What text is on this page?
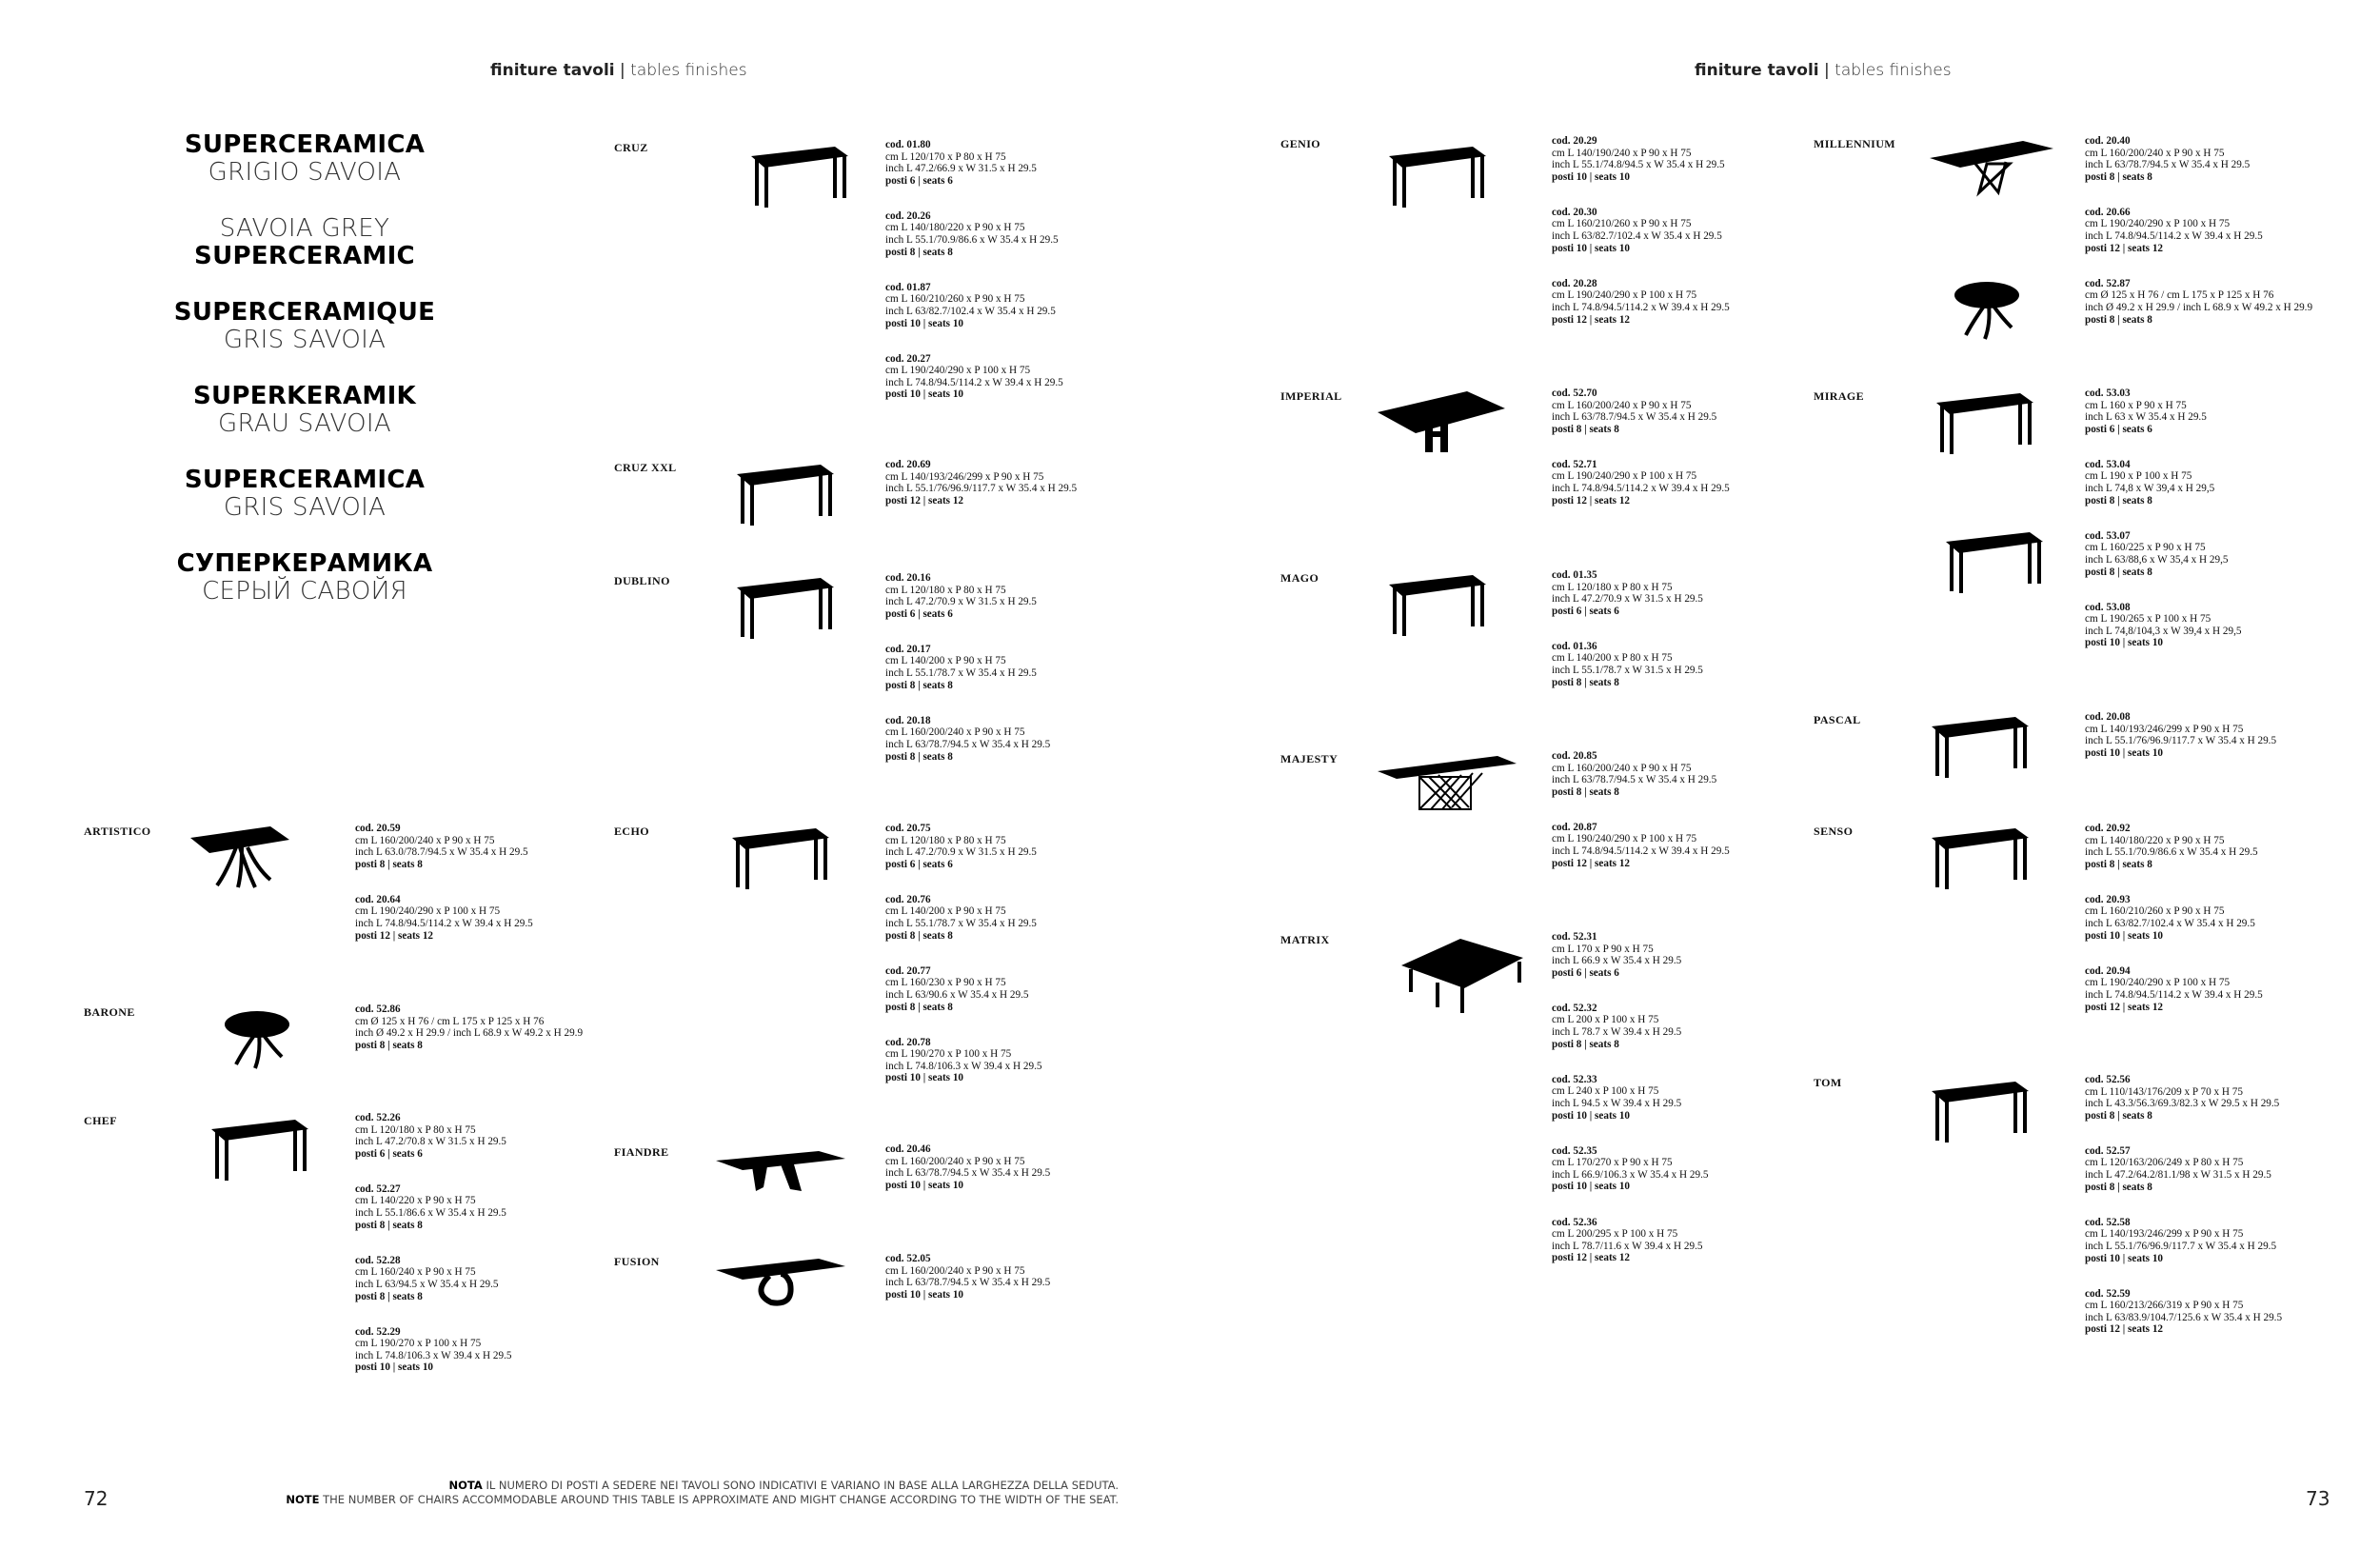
finiture tavoli | tables finishes	finiture tavoli | tables finishes
SUPERCERAMICA
GRIGIO SAVOIA
SAVOIA GREY
SUPERCERAMIC
SUPERCERAMIQUE
GRIS SAVOIA
SUPERKERAMIK
GRAU SAVOIA
SUPERCERAMICA
GRIS SAVOIA
СУПЕРКЕРАМИКА
СЕРЫЙ САВОЙЯ
CRUZ	cod. 01.80
cm L 120/170 x P 80 x H 75
inch L 47.2/66.9 x W 31.5 x H 29.5
posti 6 | seats 6
cod. 20.26
cm L 140/180/220 x P 90 x H 75
inch L 55.1/70.9/86.6 x W 35.4 x H 29.5
posti 8 | seats 8
cod. 01.87
cm L 160/210/260 x P 90 x H 75
inch L 63/82.7/102.4 x W 35.4 x H 29.5
posti 10 | seats 10
cod. 20.27
cm L 190/240/290 x P 100 x H 75
inch L 74.8/94.5/114.2 x W 39.4 x H 29.5
posti 10 | seats 10
CRUZ XXL	cod. 20.69
cm L 140/193/246/299 x P 90 x H 75
inch L 55.1/76/96.9/117.7 x W 35.4 x H 29.5
posti 12 | seats 12
DUBLINO	cod. 20.16
cm L 120/180 x P 80 x H 75
inch L 47.2/70.9 x W 31.5 x H 29.5
posti 6 | seats 6
cod. 20.17
cm L 140/200 x P 90 x H 75
inch L 55.1/78.7 x W 35.4 x H 29.5
posti 8 | seats 8
cod. 20.18
cm L 160/200/240 x P 90 x H 75
inch L 63/78.7/94.5 x W 35.4 x H 29.5
posti 8 | seats 8
ARTISTICO	cod. 20.59
cm L 160/200/240 x P 90 x H 75
inch L 63.0/78.7/94.5 x W 35.4 x H 29.5
posti 8 | seats 8
cod. 20.64
cm L 190/240/290 x P 100 x H 75
inch L 74.8/94.5/114.2 x W 39.4 x H 29.5
posti 12 | seats 12
BARONE	cod. 52.86
cm Ø 125 x H 76 / cm L 175 x P 125 x H 76
inch Ø 49.2 x H 29.9 / inch L 68.9 x W 49.2 x H 29.9
posti 8 | seats 8
CHEF	cod. 52.26
cm L 120/180 x P 80 x H 75
inch L 47.2/70.8 x W 31.5 x H 29.5
posti 6 | seats 6
cod. 52.27
cm L 140/220 x P 90 x H 75
inch L 55.1/86.6 x W 35.4 x H 29.5
posti 8 | seats 8
cod. 52.28
cm L 160/240 x P 90 x H 75
inch L 63/94.5 x W 35.4 x H 29.5
posti 8 | seats 8
cod. 52.29
cm L 190/270 x P 100 x H 75
inch L 74.8/106.3 x W 39.4 x H 29.5
posti 10 | seats 10
ECHO	cod. 20.75
cm L 120/180 x P 80 x H 75
inch L 47.2/70.9 x W 31.5 x H 29.5
posti 6 | seats 6
cod. 20.76
cm L 140/200 x P 90 x H 75
inch L 55.1/78.7 x W 35.4 x H 29.5
posti 8 | seats 8
cod. 20.77
cm L 160/230 x P 90 x H 75
inch L 63/90.6 x W 35.4 x H 29.5
posti 8 | seats 8
cod. 20.78
cm L 190/270 x P 100 x H 75
inch L 74.8/106.3 x W 39.4 x H 29.5
posti 10 | seats 10
FIANDRE	cod. 20.46
cm L 160/200/240 x P 90 x H 75
inch L 63/78.7/94.5 x W 35.4 x H 29.5
posti 10 | seats 10
FUSION	cod. 52.05
cm L 160/200/240 x P 90 x H 75
inch L 63/78.7/94.5 x W 35.4 x H 29.5
posti 10 | seats 10
GENIO	cod. 20.29
cm L 140/190/240 x P 90 x H 75
inch L 55.1/74.8/94.5 x W 35.4 x H 29.5
posti 10 | seats 10
cod. 20.30
cm L 160/210/260 x P 90 x H 75
inch L 63/82.7/102.4 x W 35.4 x H 29.5
posti 10 | seats 10
cod. 20.28
cm L 190/240/290 x P 100 x H 75
inch L 74.8/94.5/114.2 x W 39.4 x H 29.5
posti 12 | seats 12
IMPERIAL	cod. 52.70
cm L 160/200/240 x P 90 x H 75
inch L 63/78.7/94.5 x W 35.4 x H 29.5
posti 8 | seats 8
cod. 52.71
cm L 190/240/290 x P 100 x H 75
inch L 74.8/94.5/114.2 x W 39.4 x H 29.5
posti 12 | seats 12
MAGO	cod. 01.35
cm L 120/180 x P 80 x H 75
inch L 47.2/70.9 x W 31.5 x H 29.5
posti 6 | seats 6
cod. 01.36
cm L 140/200 x P 80 x H 75
inch L 55.1/78.7 x W 31.5 x H 29.5
posti 8 | seats 8
MAJESTY	cod. 20.85
cm L 160/200/240 x P 90 x H 75
inch L 63/78.7/94.5 x W 35.4 x H 29.5
posti 8 | seats 8
cod. 20.87
cm L 190/240/290 x P 100 x H 75
inch L 74.8/94.5/114.2 x W 39.4 x H 29.5
posti 12 | seats 12
MATRIX	cod. 52.31
cm L 170 x P 90 x H 75
inch L 66.9 x W 35.4 x H 29.5
posti 6 | seats 6
cod. 52.32
cm L 200 x P 100 x H 75
inch L 78.7 x W 39.4 x H 29.5
posti 8 | seats 8
cod. 52.33
cm L 240 x P 100 x H 75
inch L 94.5 x W 39.4 x H 29.5
posti 10 | seats 10
cod. 52.35
cm L 170/270 x P 90 x H 75
inch L 66.9/106.3 x W 35.4 x H 29.5
posti 10 | seats 10
cod. 52.36
cm L 200/295 x P 100 x H 75
inch L 78.7/11.6 x W 39.4 x H 29.5
posti 12 | seats 12
MILLENNIUM	cod. 20.40
cm L 160/200/240 x P 90 x H 75
inch L 63/78.7/94.5 x W 35.4 x H 29.5
posti 8 | seats 8
cod. 20.66
cm L 190/240/290 x P 100 x H 75
inch L 74.8/94.5/114.2 x W 39.4 x H 29.5
posti 12 | seats 12
cod. 52.87
cm Ø 125 x H 76 / cm L 175 x P 125 x H 76
inch Ø 49.2 x H 29.9 / inch L 68.9 x W 49.2 x H 29.9
posti 8 | seats 8
MIRAGE	cod. 53.03
cm L 160 x P 90 x H 75
inch L 63 x W 35.4 x H 29.5
posti 6 | seats 6
cod. 53.04
cm L 190 x P 100 x H 75
inch L 74,8 x W 39,4 x H 29,5
posti 8 | seats 8
cod. 53.07
cm L 160/225 x P 90 x H 75
inch L 63/88,6 x W 35,4 x H 29,5
posti 8 | seats 8
cod. 53.08
cm L 190/265 x P 100 x H 75
inch L 74,8/104,3 x W 39,4 x H 29,5
posti 10 | seats 10
PASCAL	cod. 20.08
cm L 140/193/246/299 x P 90 x H 75
inch L 55.1/76/96.9/117.7 x W 35.4 x H 29.5
posti 10 | seats 10
SENSO	cod. 20.92
cm L 140/180/220 x P 90 x H 75
inch L 55.1/70.9/86.6 x W 35.4 x H 29.5
posti 8 | seats 8
cod. 20.93
cm L 160/210/260 x P 90 x H 75
inch L 63/82.7/102.4 x W 35.4 x H 29.5
posti 10 | seats 10
cod. 20.94
cm L 190/240/290 x P 100 x H 75
inch L 74.8/94.5/114.2 x W 39.4 x H 29.5
posti 12 | seats 12
TOM	cod. 52.56
cm L 110/143/176/209 x P 70 x H 75
inch L 43.3/56.3/69.3/82.3 x W 29.5 x H 29.5
posti 8 | seats 8
cod. 52.57
cm L 120/163/206/249 x P 80 x H 75
inch L 47.2/64.2/81.1/98 x W 31.5 x H 29.5
posti 8 | seats 8
cod. 52.58
cm L 140/193/246/299 x P 90 x H 75
inch L 55.1/76/96.9/117.7 x W 35.4 x H 29.5
posti 10 | seats 10
cod. 52.59
cm L 160/213/266/319 x P 90 x H 75
inch L 63/83.9/104.7/125.6 x W 35.4 x H 29.5
posti 12 | seats 12
NOTA IL NUMERO DI POSTI A SEDERE NEI TAVOLI SONO INDICATIVI E VARIANO IN BASE ALLA LARGHEZZA DELLA SEDUTA.
NOTE THE NUMBER OF CHAIRS ACCOMMODABLE AROUND THIS TABLE IS APPROXIMATE AND MIGHT CHANGE ACCORDING TO THE WIDTH OF THE SEAT.
72	73
